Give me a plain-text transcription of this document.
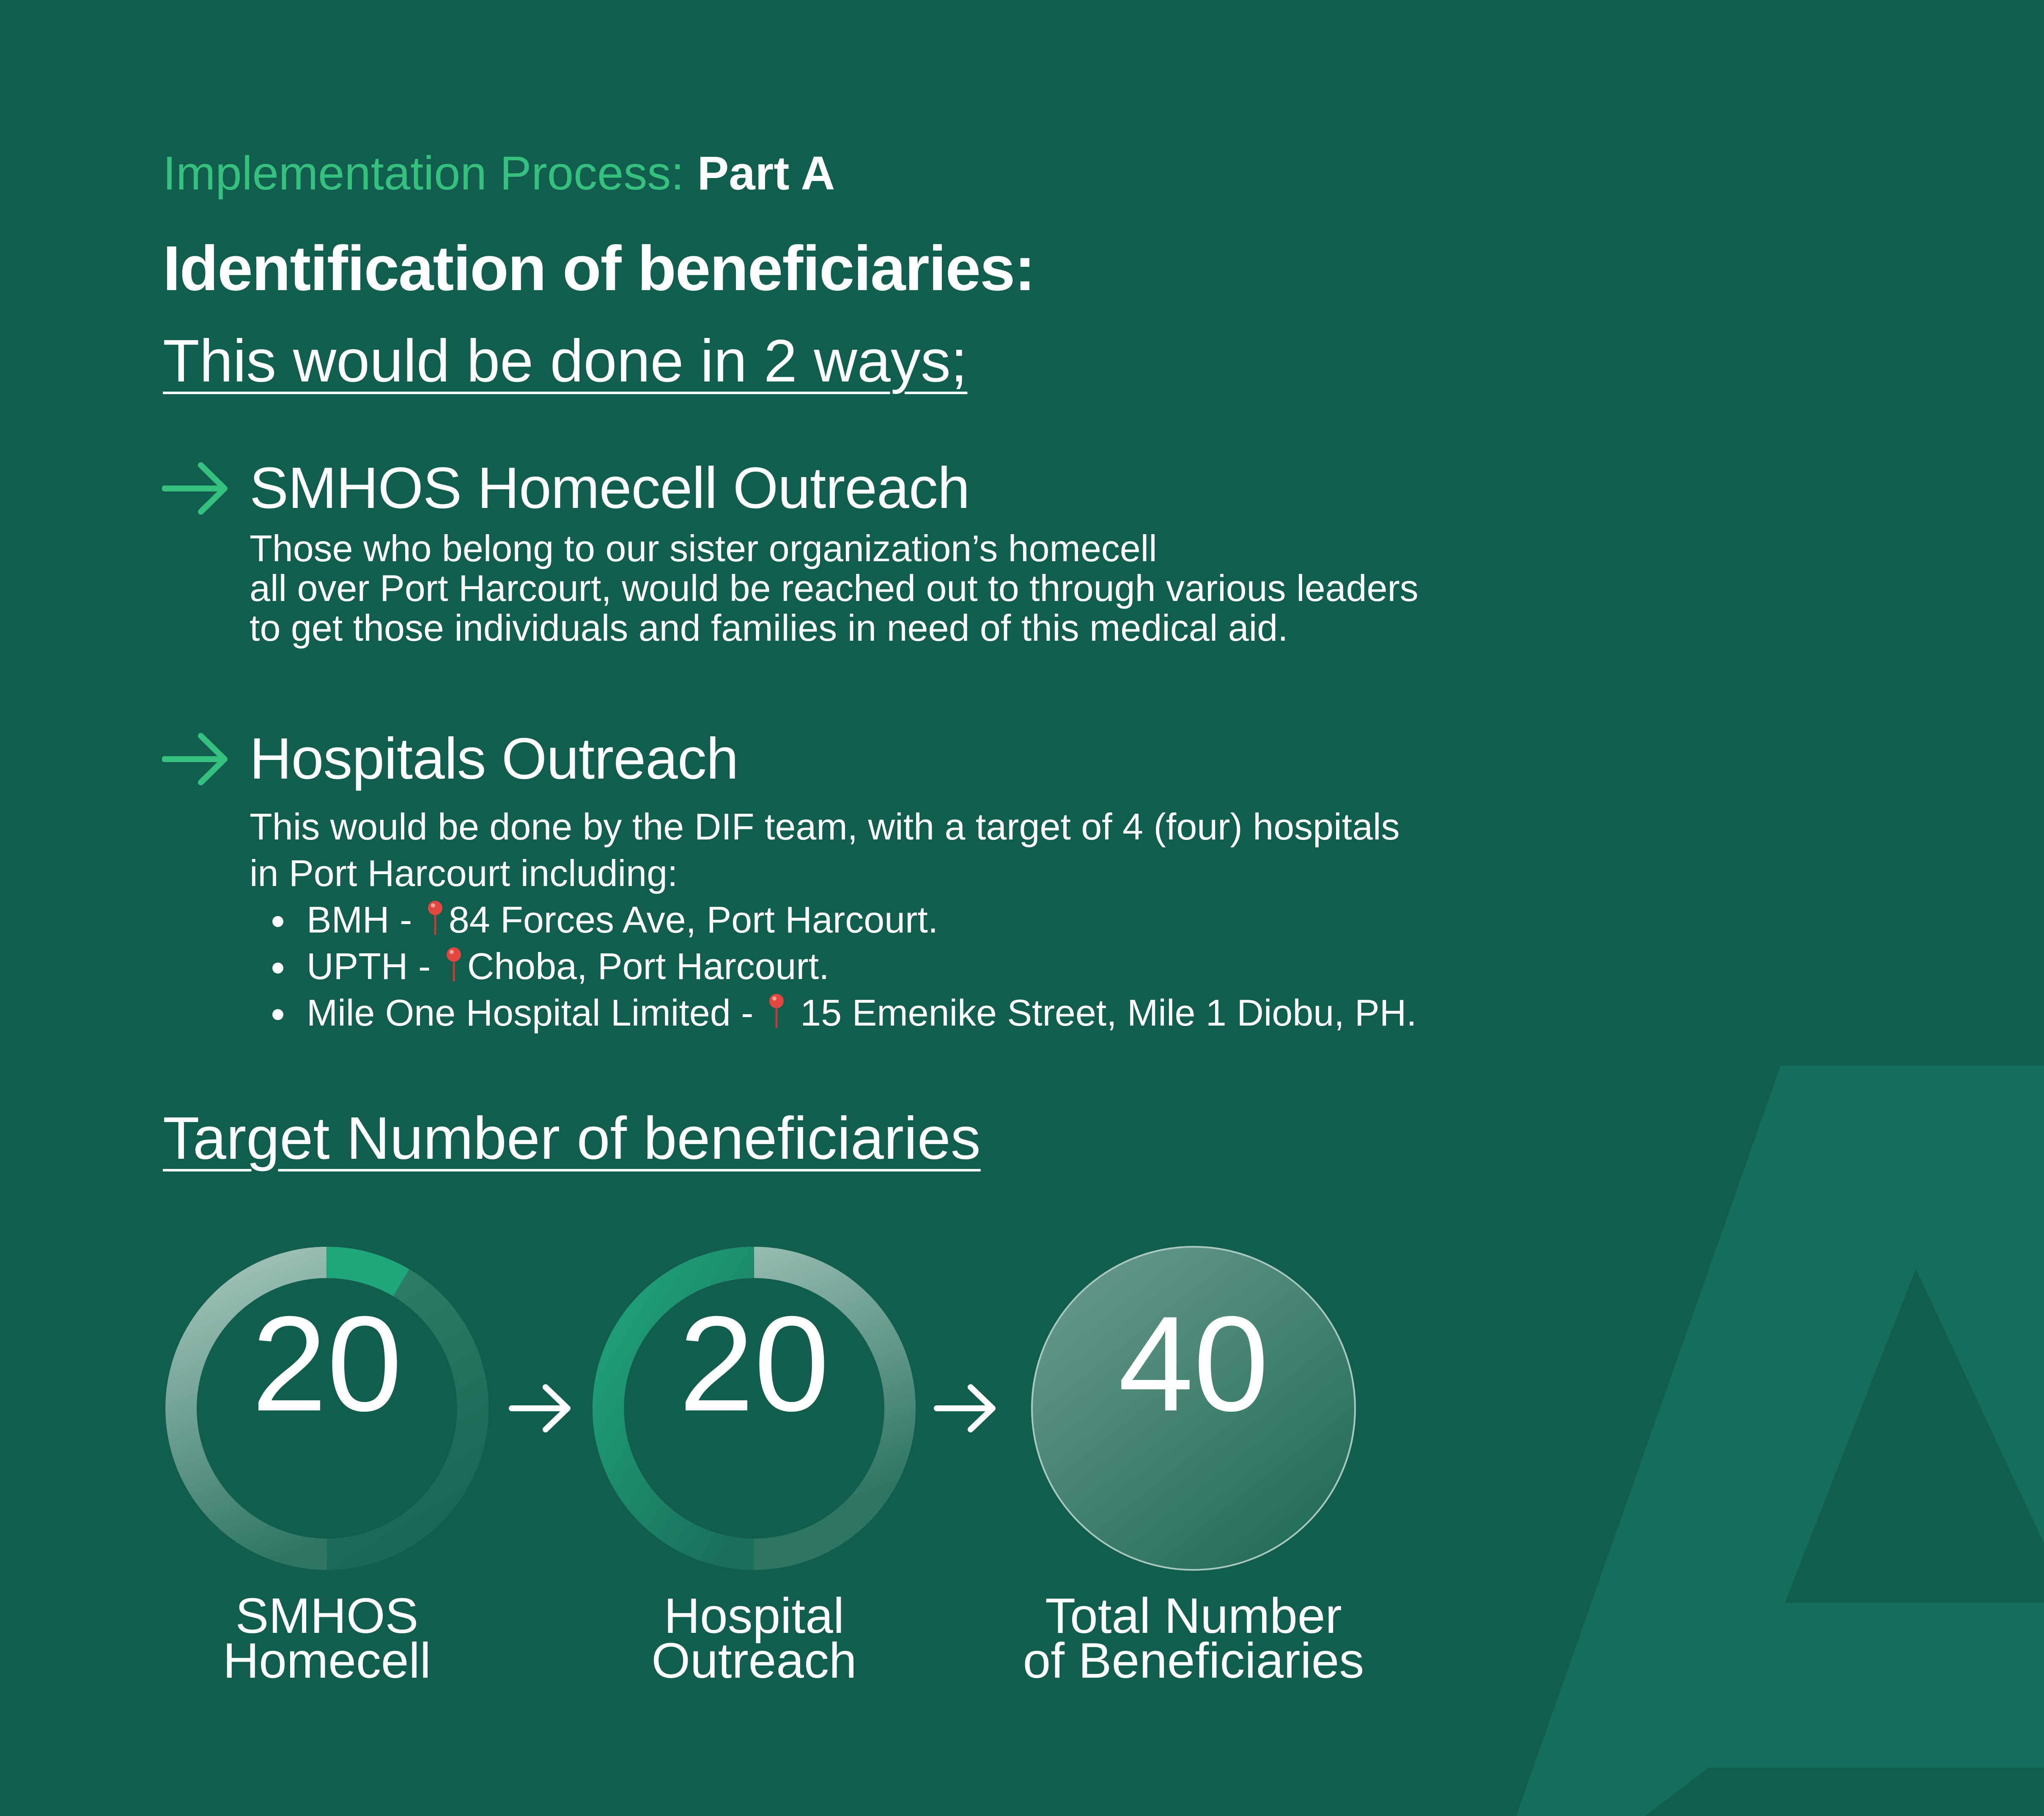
Implementation Process: Part A
Identification of beneficiaries:
This would be done in 2 ways;
SMHOS Homecell Outreach
Those who belong to our sister organization’s homecell
all over Port Harcourt, would be reached out to through various leaders
to get those individuals and families in need of this medical aid.
Hospitals Outreach
This would be done by the DIF team, with a target of 4 (four) hospitals
in Port Harcourt including:
BMH - 84 Forces Ave, Port Harcourt.
UPTH - Choba, Port Harcourt.
Mile One Hospital Limited -  15 Emenike Street, Mile 1 Diobu, PH.
Target Number of beneficiaries
20 20 40
SMHOS
Homecell
Hospital
Outreach
Total Number
of Beneficiaries
